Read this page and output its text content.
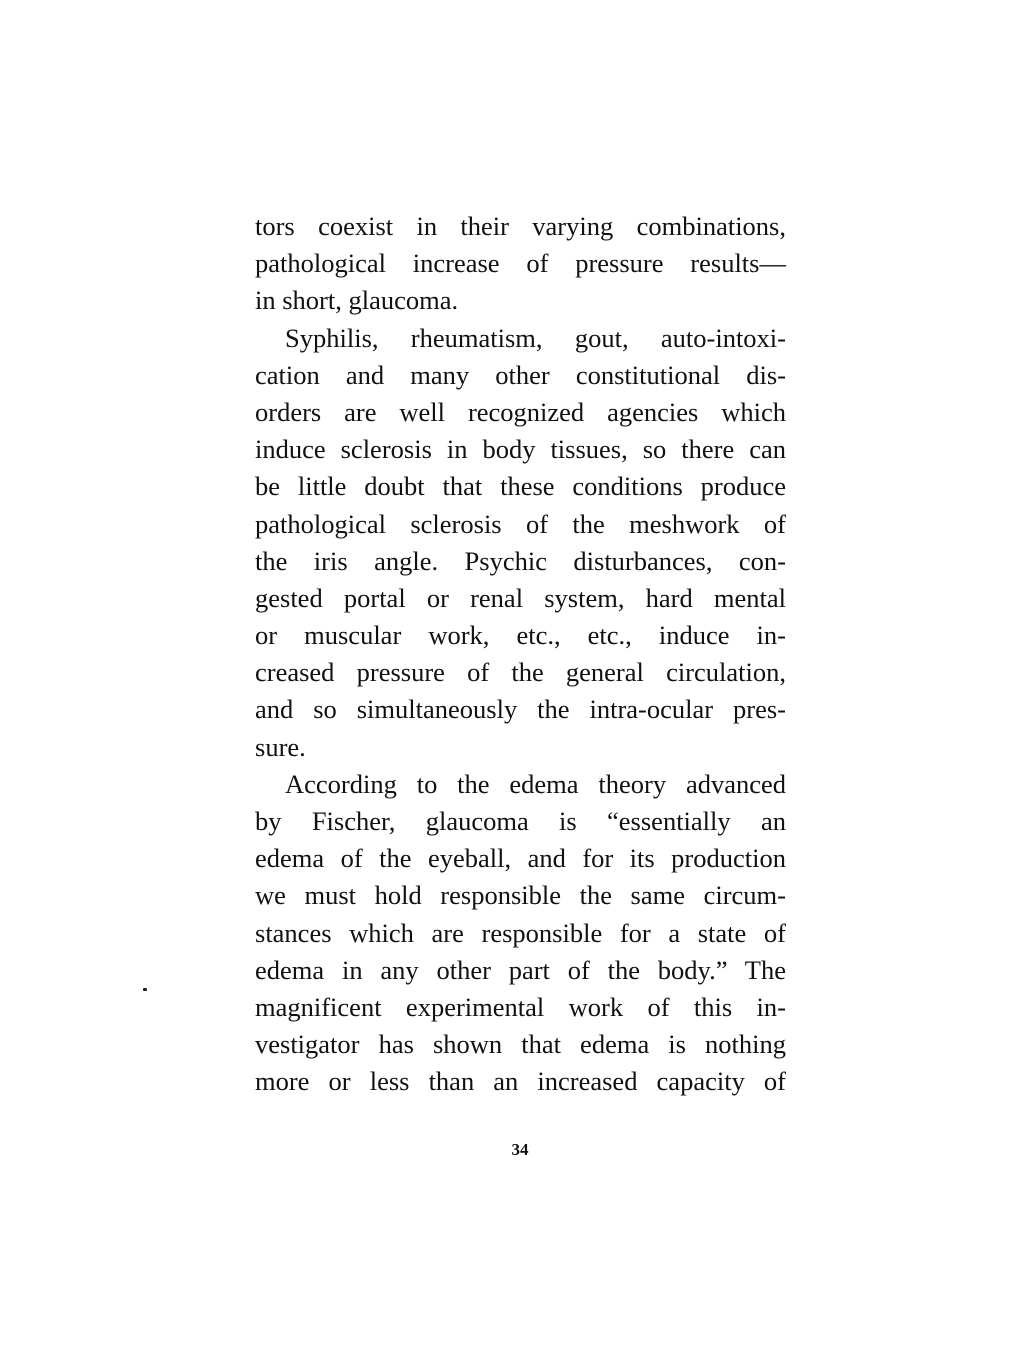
tors coexist in their varying combinations,
pathological increase of pressure results—
in short, glaucoma.
Syphilis, rheumatism, gout, auto-intoxi-
cation and many other constitutional dis-
orders are well recognized agencies which
induce sclerosis in body tissues, so there can
be little doubt that these conditions produce
pathological sclerosis of the meshwork of
the iris angle. Psychic disturbances, con-
gested portal or renal system, hard mental
or muscular work, etc., etc., induce in-
creased pressure of the general circulation,
and so simultaneously the intra-ocular pres-
sure.
According to the edema theory advanced
by Fischer, glaucoma is “essentially an
edema of the eyeball, and for its production
we must hold responsible the same circum-
stances which are responsible for a state of
edema in any other part of the body.” The
magnificent experimental work of this in-
vestigator has shown that edema is nothing
more or less than an increased capacity of
34
